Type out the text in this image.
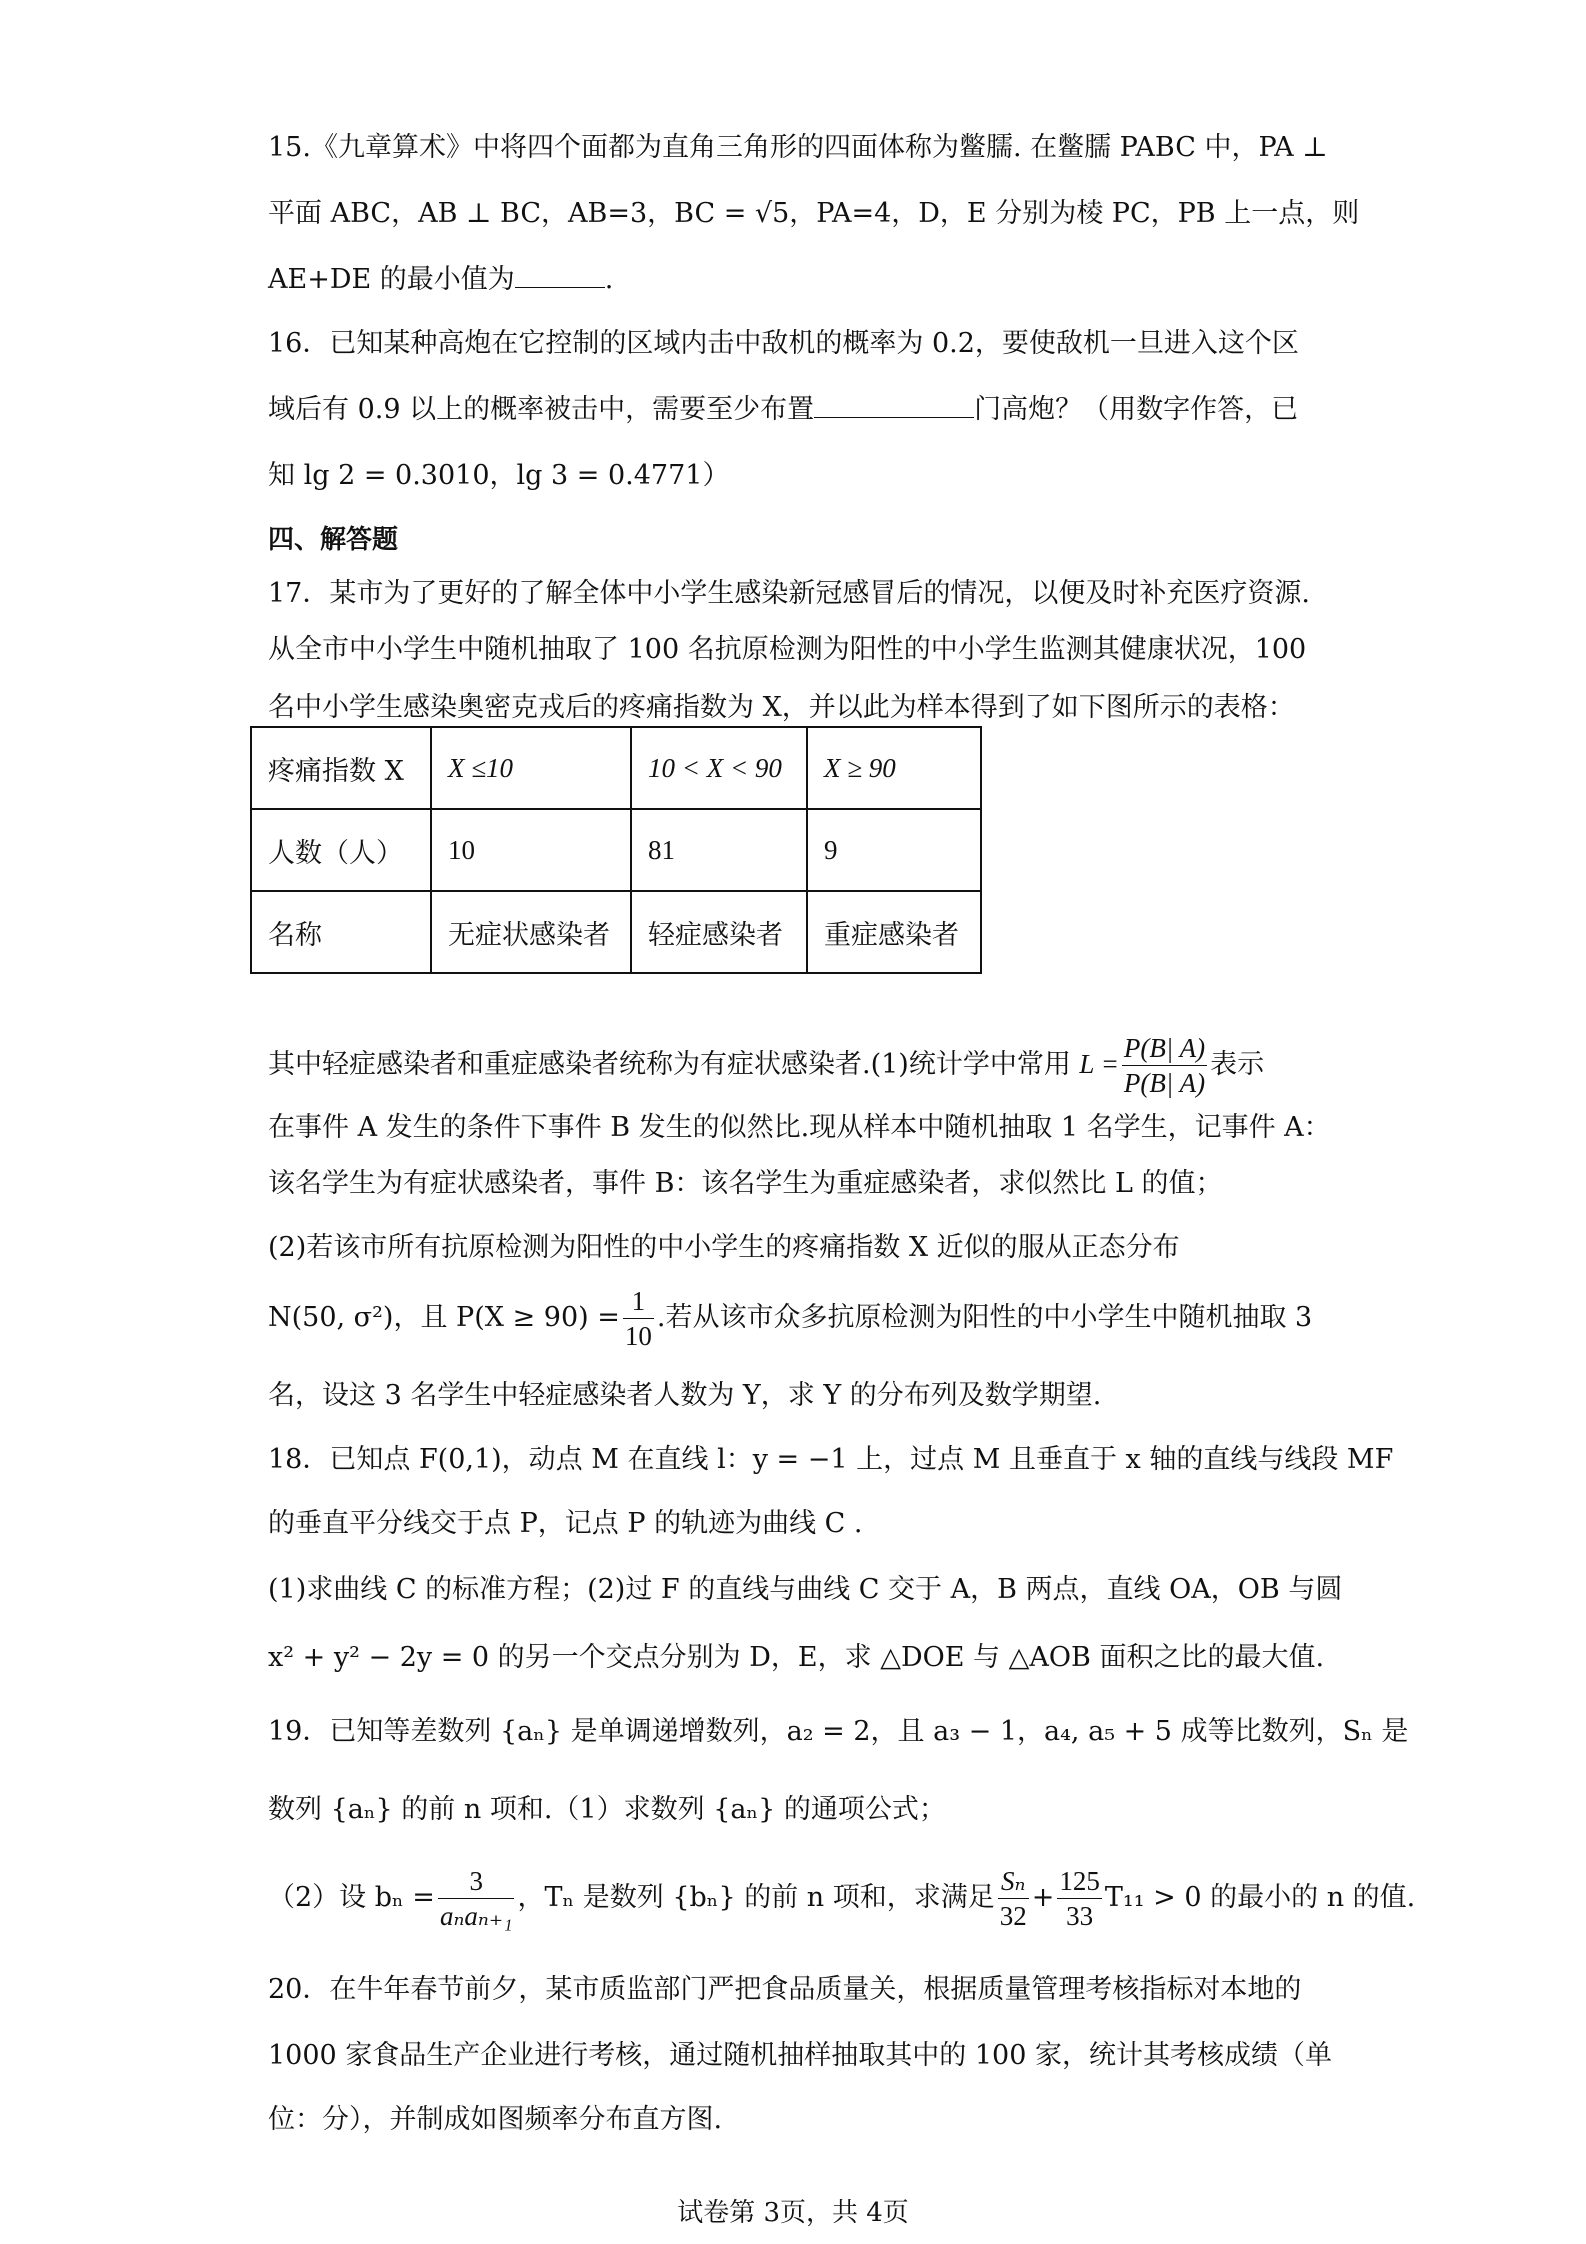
15.《九章算术》中将四个面都为直角三角形的四面体称为鳖臑. 在鳖臑 PABC 中，PA ⊥
平面 ABC，AB ⊥ BC，AB=3，BC = √5，PA=4，D，E 分别为棱 PC，PB 上一点，则
AE+DE 的最小值为	.
16．已知某种高炮在它控制的区域内击中敌机的概率为 0.2，要使敌机一旦进入这个区
域后有 0.9 以上的概率被击中，需要至少布置	门高炮？（用数字作答，已
知 lg 2 = 0.3010，lg 3 = 0.4771）
四、解答题
17．某市为了更好的了解全体中小学生感染新冠感冒后的情况，以便及时补充医疗资源.
从全市中小学生中随机抽取了 100 名抗原检测为阳性的中小学生监测其健康状况，100
名中小学生感染奥密克戎后的疼痛指数为 X，并以此为样本得到了如下图所示的表格：
疼痛指数 X	X ≤10	10 < X < 90	X ≥ 90
人数（人）	10	81	9
名称	无症状感染者	轻症感染者	重症感染者
其中轻症感染者和重症感染者统称为有症状感染者.(1)统计学中常用 $L = \frac{P(B| A)}{P(B| A)}$ 表示
在事件 A 发生的条件下事件 B 发生的似然比.现从样本中随机抽取 1 名学生，记事件 A：
该名学生为有症状感染者，事件 B：该名学生为重症感染者，求似然比 L 的值；
(2)若该市所有抗原检测为阳性的中小学生的疼痛指数 X 近似的服从正态分布
N(50, σ²)，且 $P(X \ge 90) = \frac{1}{10}$ .若从该市众多抗原检测为阳性的中小学生中随机抽取 3
名，设这 3 名学生中轻症感染者人数为 Y，求 Y 的分布列及数学期望.
18．已知点 F(0,1)，动点 M 在直线 l：y = −1 上，过点 M 且垂直于 x 轴的直线与线段 MF
的垂直平分线交于点 P，记点 P 的轨迹为曲线 C .
(1)求曲线 C 的标准方程；(2)过 F 的直线与曲线 C 交于 A，B 两点，直线 OA，OB 与圆
x² + y² − 2y = 0 的另一个交点分别为 D，E，求 △DOE 与 △AOB 面积之比的最大值.
19．已知等差数列 {aₙ} 是单调递增数列，a₂ = 2，且 a₃ − 1，a₄, a₅ + 5 成等比数列，Sₙ 是
数列 {aₙ} 的前 n 项和.（1）求数列 {aₙ} 的通项公式；
（2）设 $b_n = \frac{3}{\text{aₙaₙ₊₁}}$ ，Tₙ 是数列 {bₙ} 的前 n 项和，求满足 $\frac{\text{Sₙ}}{32} + \frac{125}{33} T_{11} > 0$ 的最小的 n 的值.
20．在牛年春节前夕，某市质监部门严把食品质量关，根据质量管理考核指标对本地的
1000 家食品生产企业进行考核，通过随机抽样抽取其中的 100 家，统计其考核成绩（单
位：分），并制成如图频率分布直方图.
试卷第 3页，共 4页
